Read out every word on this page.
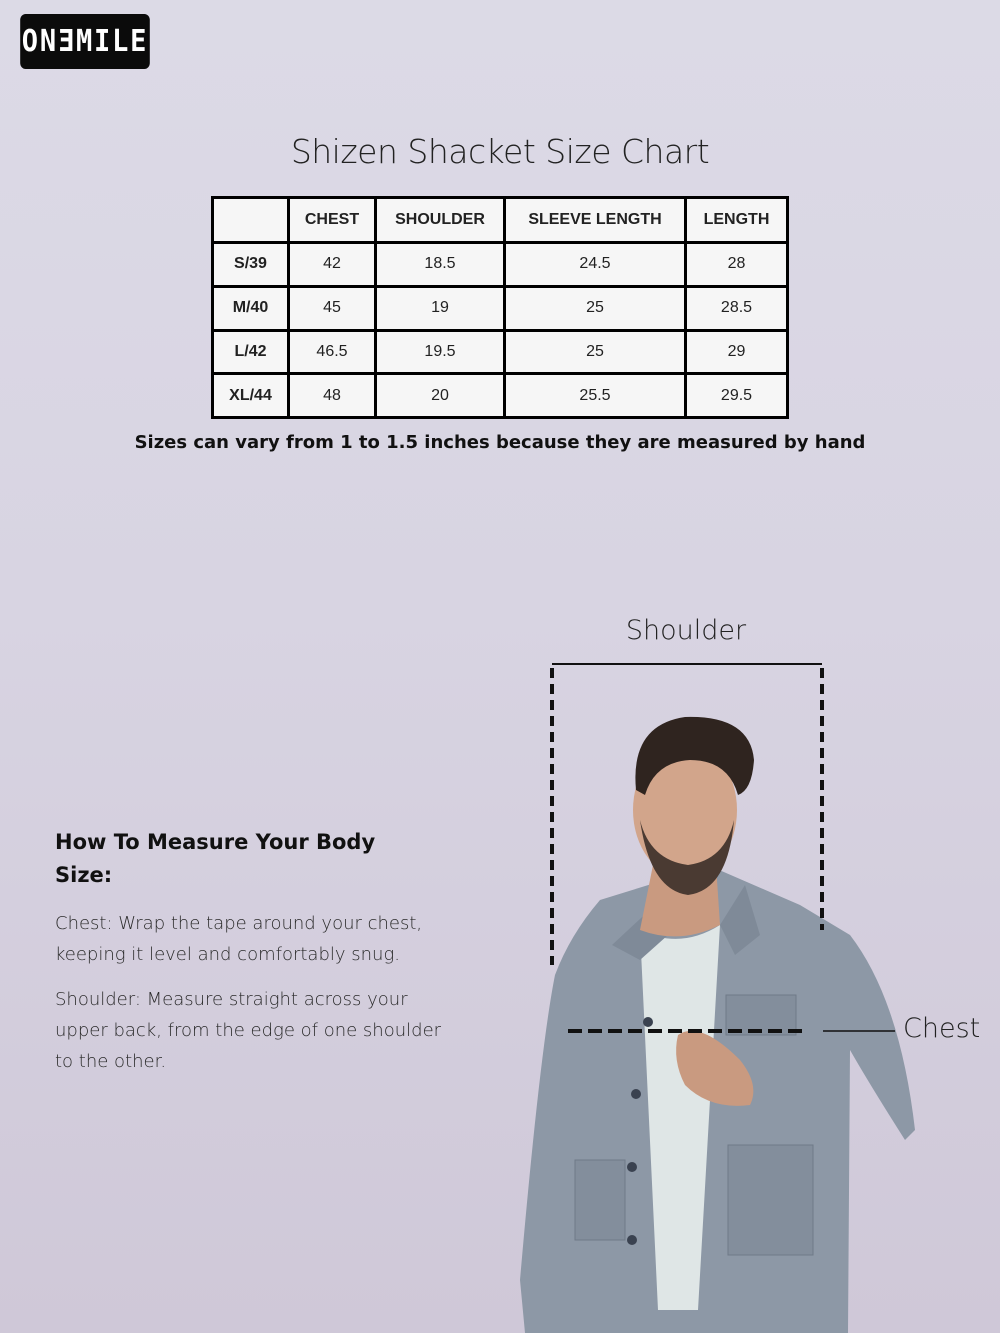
ONƎMILE
Shizen Shacket Size Chart
	CHEST	SHOULDER	SLEEVE LENGTH	LENGTH
S/39	42	18.5	24.5	28
M/40	45	19	25	28.5
L/42	46.5	19.5	25	29
XL/44	48	20	25.5	29.5
Sizes can vary from 1 to 1.5 inches because they are measured by hand
How To Measure Your Body Size:
Chest: Wrap the tape around your chest, keeping it level and comfortably snug.
Shoulder: Measure straight across your upper back, from the edge of one shoulder to the other.
Shoulder
Chest
